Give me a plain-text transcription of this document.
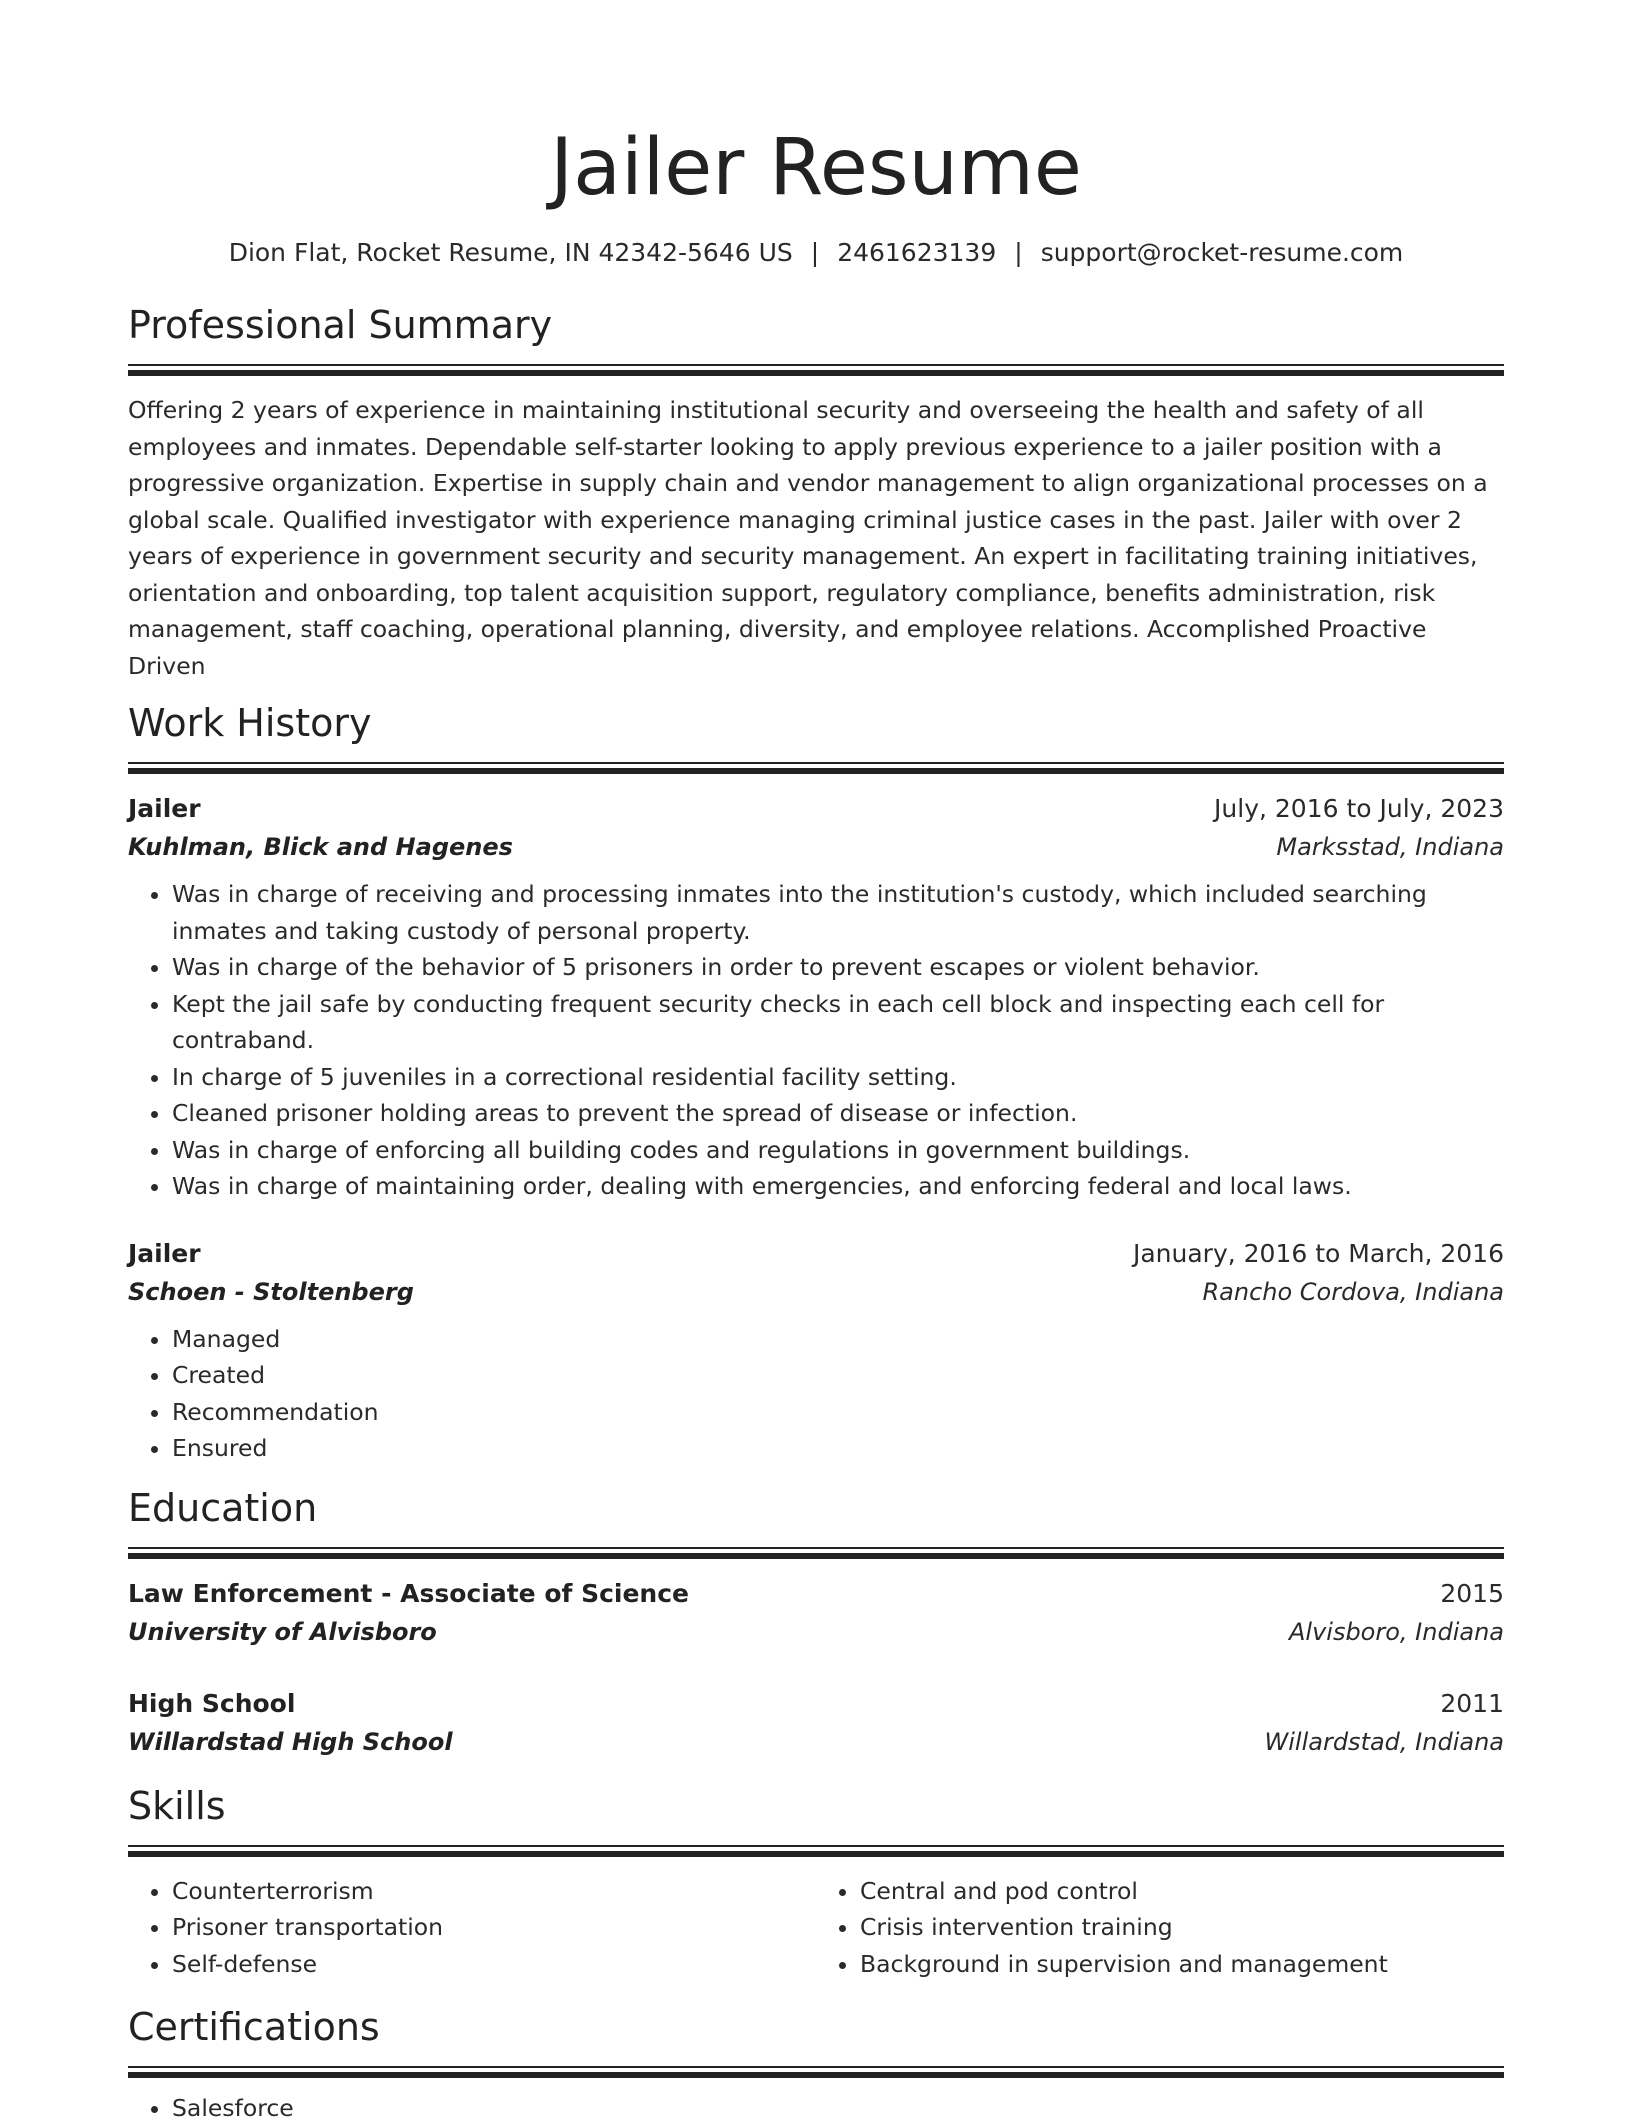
Jailer Resume
Dion Flat, Rocket Resume, IN 42342-5646 US | 2461623139 | support@rocket-resume.com
Professional Summary

Offering 2 years of experience in maintaining institutional security and overseeing the health and safety of all employees and inmates. Dependable self-starter looking to apply previous experience to a jailer position with a progressive organization. Expertise in supply chain and vendor management to align organizational processes on a global scale. Qualified investigator with experience managing criminal justice cases in the past. Jailer with over 2 years of experience in government security and security management. An expert in facilitating training initiatives, orientation and onboarding, top talent acquisition support, regulatory compliance, benefits administration, risk management, staff coaching, operational planning, diversity, and employee relations. Accomplished Proactive Driven

Work History
Jailer	July, 2016 to July, 2023
Kuhlman, Blick and Hagenes	Marksstad, Indiana
• Was in charge of receiving and processing inmates into the institution's custody, which included searching inmates and taking custody of personal property.
• Was in charge of the behavior of 5 prisoners in order to prevent escapes or violent behavior.
• Kept the jail safe by conducting frequent security checks in each cell block and inspecting each cell for contraband.
• In charge of 5 juveniles in a correctional residential facility setting.
• Cleaned prisoner holding areas to prevent the spread of disease or infection.
• Was in charge of enforcing all building codes and regulations in government buildings.
• Was in charge of maintaining order, dealing with emergencies, and enforcing federal and local laws.
Jailer	January, 2016 to March, 2016
Schoen - Stoltenberg	Rancho Cordova, Indiana
• Managed
• Created
• Recommendation
• Ensured
Education
Law Enforcement - Associate of Science	2015
University of Alvisboro	Alvisboro, Indiana
High School	2011
Willardstad High School	Willardstad, Indiana
Skills
• Counterterrorism
• Prisoner transportation
• Self-defense
• Central and pod control
• Crisis intervention training
• Background in supervision and management
Certifications
• Salesforce
